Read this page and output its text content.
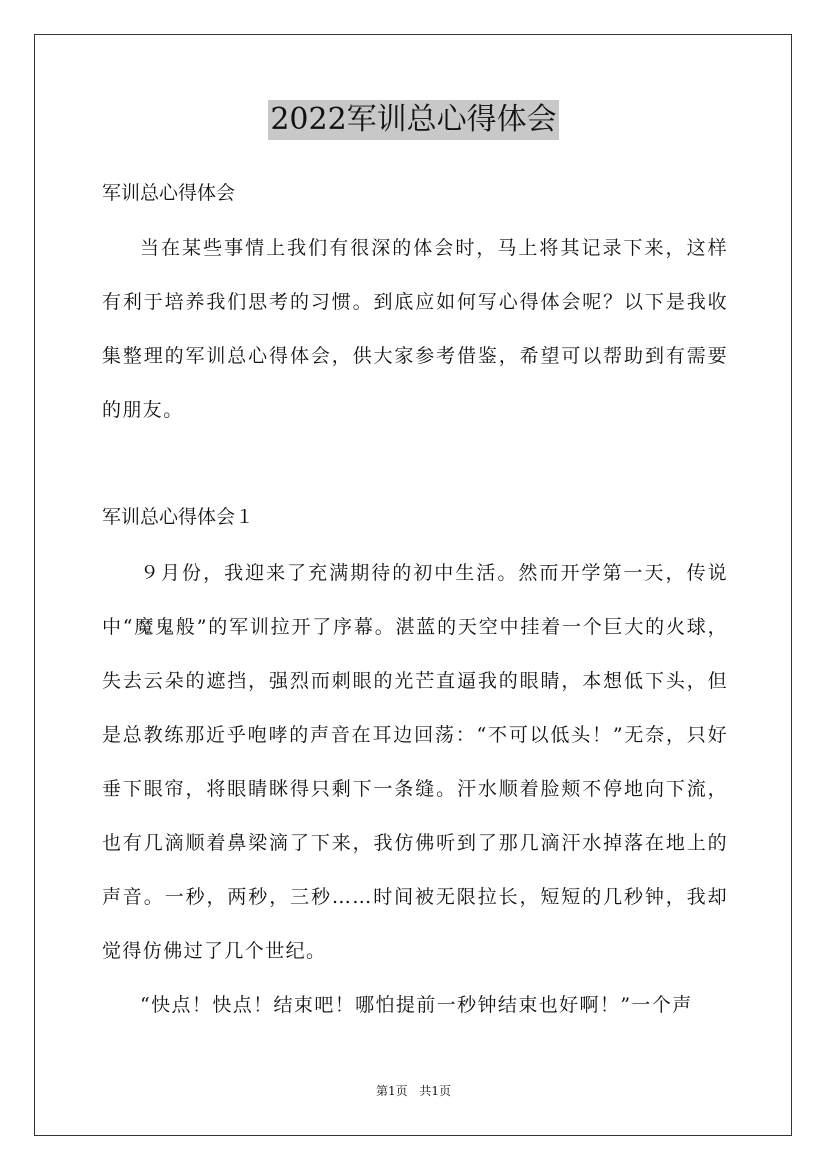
2022军训总心得体会
军训总心得体会

当在某些事情上我们有很深的体会时，马上将其记录下来，这样有利于培养我们思考的习惯。到底应如何写心得体会呢？以下是我收集整理的军训总心得体会，供大家参考借鉴，希望可以帮助到有需要的朋友。

军训总心得体会１

９月份，我迎来了充满期待的初中生活。然而开学第一天，传说中“魔鬼般”的军训拉开了序幕。湛蓝的天空中挂着一个巨大的火球，失去云朵的遮挡，强烈而刺眼的光芒直逼我的眼睛，本想低下头，但是总教练那近乎咆哮的声音在耳边回荡：“不可以低头！”无奈，只好垂下眼帘，将眼睛眯得只剩下一条缝。汗水顺着脸颊不停地向下流，也有几滴顺着鼻梁滴了下来，我仿佛听到了那几滴汗水掉落在地上的声音。一秒，两秒，三秒……时间被无限拉长，短短的几秒钟，我却觉得仿佛过了几个世纪。

“快点！快点！结束吧！哪怕提前一秒钟结束也好啊！”一个声

第1页 共1页
